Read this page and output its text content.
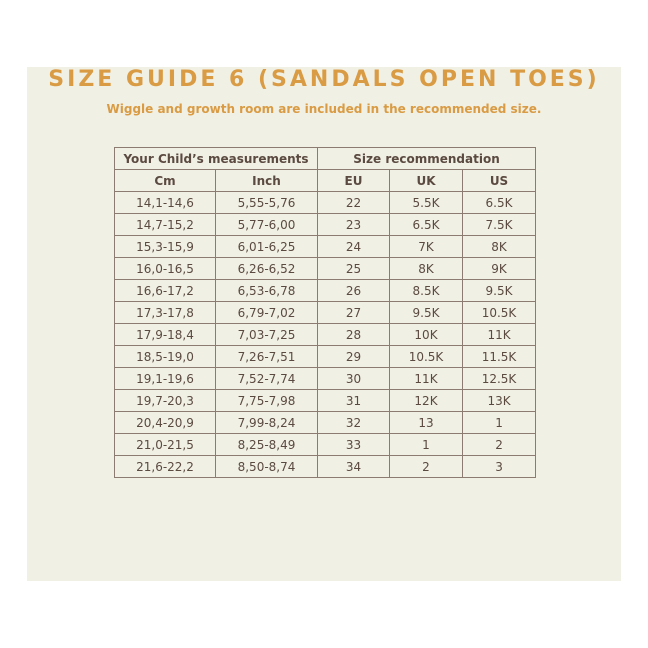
SIZE GUIDE 6 (SANDALS OPEN TOES)
Wiggle and growth room are included in the recommended size.
Your Child’s measurements		Size recommendation		
Cm	Inch	EU	UK	US
14,1-14,6	5,55-5,76	22	5.5K	6.5K
14,7-15,2	5,77-6,00	23	6.5K	7.5K
15,3-15,9	6,01-6,25	24	7K	8K
16,0-16,5	6,26-6,52	25	8K	9K
16,6-17,2	6,53-6,78	26	8.5K	9.5K
17,3-17,8	6,79-7,02	27	9.5K	10.5K
17,9-18,4	7,03-7,25	28	10K	11K
18,5-19,0	7,26-7,51	29	10.5K	11.5K
19,1-19,6	7,52-7,74	30	11K	12.5K
19,7-20,3	7,75-7,98	31	12K	13K
20,4-20,9	7,99-8,24	32	13	1
21,0-21,5	8,25-8,49	33	1	2
21,6-22,2	8,50-8,74	34	2	3
